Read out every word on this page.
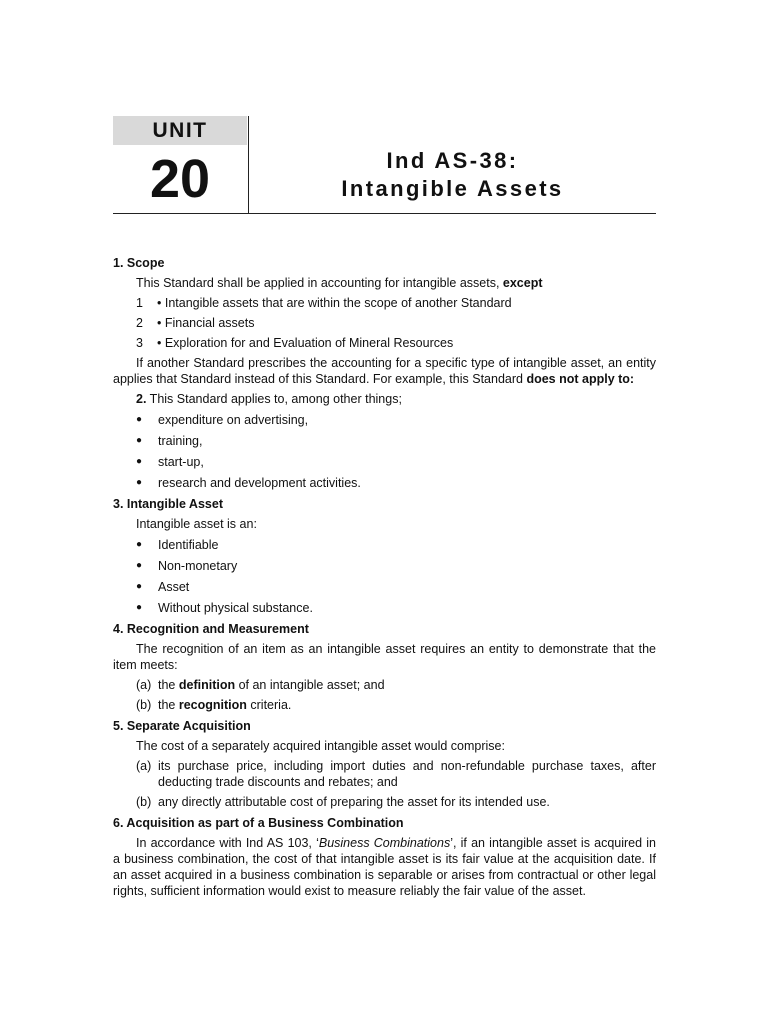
UNIT
20	Ind AS-38:
Intangible Assets
1. Scope
This Standard shall be applied in accounting for intangible assets, except
1	• Intangible assets that are within the scope of another Standard
2	• Financial assets
3	• Exploration for and Evaluation of Mineral Resources
If another Standard prescribes the accounting for a specific type of intangible asset, an entity applies that Standard instead of this Standard. For example, this Standard does not apply to:
2. This Standard applies to, among other things;
●	expenditure on advertising,
●	training,
●	start-up,
●	research and development activities.
3. Intangible Asset
Intangible asset is an:
●	Identifiable
●	Non-monetary
●	Asset
●	Without physical substance.
4. Recognition and Measurement
The recognition of an item as an intangible asset requires an entity to demonstrate that the item meets:
(a) the definition of an intangible asset; and
(b) the recognition criteria.
5. Separate Acquisition
The cost of a separately acquired intangible asset would comprise:
(a) its purchase price, including import duties and non-refundable purchase taxes, after deducting trade discounts and rebates; and
(b) any directly attributable cost of preparing the asset for its intended use.
6. Acquisition as part of a Business Combination
In accordance with Ind AS 103, ‘Business Combinations’, if an intangible asset is acquired in a business combination, the cost of that intangible asset is its fair value at the acquisition date. If an asset acquired in a business combination is separable or arises from contractual or other legal rights, sufficient information would exist to measure reliably the fair value of the asset.
